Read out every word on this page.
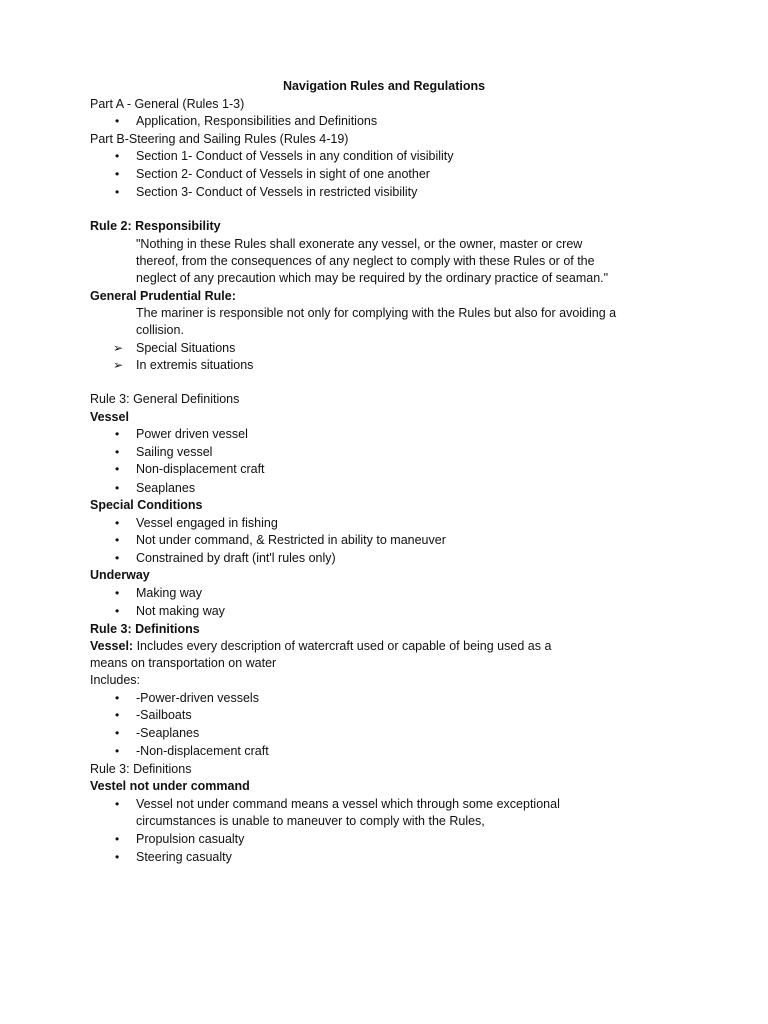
Navigation Rules and Regulations
Part A - General (Rules 1-3)
• Application, Responsibilities and Definitions
Part B-Steering and Sailing Rules (Rules 4-19)
• Section 1- Conduct of Vessels in any condition of visibility
• Section 2- Conduct of Vessels in sight of one another
• Section 3- Conduct of Vessels in restricted visibility
Rule 2: Responsibility
"Nothing in these Rules shall exonerate any vessel, or the owner, master or crew
thereof, from the consequences of any neglect to comply with these Rules or of the
neglect of any precaution which may be required by the ordinary practice of seaman."
General Prudential Rule:
The mariner is responsible not only for complying with the Rules but also for avoiding a
collision.
➢ Special Situations
➢ In extremis situations
Rule 3: General Definitions
Vessel
• Power driven vessel
• Sailing vessel
• Non-displacement craft
• Seaplanes
Special Conditions
• Vessel engaged in fishing
• Not under command, & Restricted in ability to maneuver
• Constrained by draft (int'l rules only)
Underway
• Making way
• Not making way
Rule 3: Definitions
Vessel: Includes every description of watercraft used or capable of being used as a
means on transportation on water
Includes:
• -Power-driven vessels
• -Sailboats
• -Seaplanes
• -Non-displacement craft
Rule 3: Definitions
Vestel not under command
• Vessel not under command means a vessel which through some exceptional
circumstances is unable to maneuver to comply with the Rules,
• Propulsion casualty
• Steering casualty
